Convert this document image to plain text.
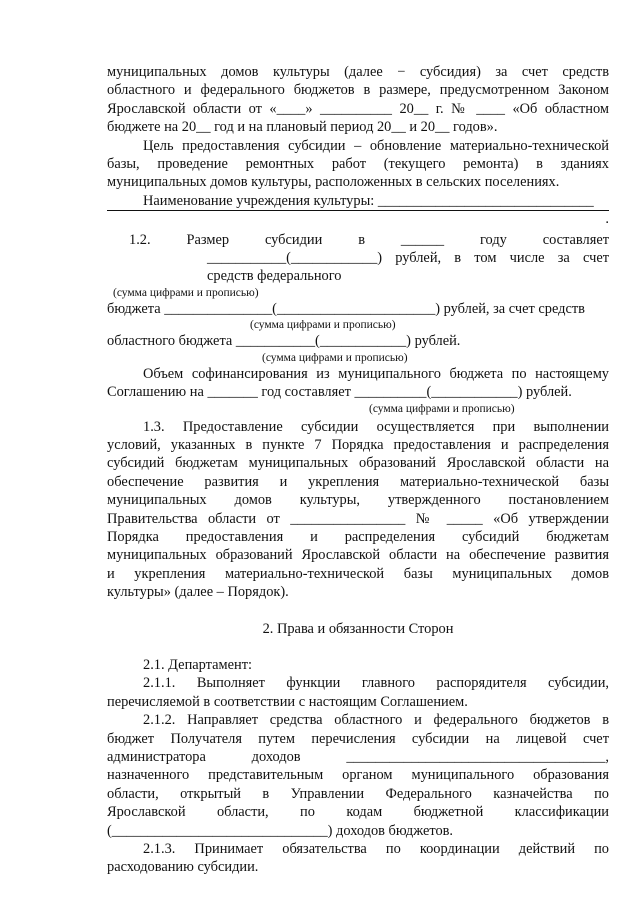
муниципальных домов культуры (далее − субсидия) за счет средств
областного и федерального бюджетов в размере, предусмотренном Законом
Ярославской области от «____» __________ 20__ г. № ____ «Об областном
бюджете на 20__ год и на плановый период 20__ и 20__ годов».
Цель предоставления субсидии – обновление материально-технической
базы, проведение ремонтных работ (текущего ремонта) в зданиях
муниципальных домов культуры, расположенных в сельских поселениях.
Наименование учреждения культуры: ______________________________
.
1.2. Размер субсидии в ______ году составляет
___________(____________) рублей, в том числе за счет
средств федерального
(сумма цифрами и прописью)
бюджета _______________(______________________) рублей, за счет средств
(сумма цифрами и прописью)
областного бюджета ___________(____________) рублей.
(сумма цифрами и прописью)
Объем софинансирования из муниципального бюджета по настоящему
Соглашению на _______ год составляет __________(____________) рублей.
(сумма цифрами и прописью)
1.3. Предоставление субсидии осуществляется при выполнении
условий, указанных в пункте 7 Порядка предоставления и распределения
субсидий бюджетам муниципальных образований Ярославской области на
обеспечение развития и укрепления материально-технической базы
муниципальных домов культуры, утвержденного постановлением
Правительства области от ________________ № _____ «Об утверждении
Порядка предоставления и распределения субсидий бюджетам
муниципальных образований Ярославской области на обеспечение развития
и укрепления материально-технической базы муниципальных домов
культуры» (далее – Порядок).
2. Права и обязанности Сторон
2.1. Департамент:
2.1.1. Выполняет функции главного распорядителя субсидии,
перечисляемой в соответствии с настоящим Соглашением.
2.1.2. Направляет средства областного и федерального бюджетов в
бюджет Получателя путем перечисления субсидии на лицевой счет
администратора доходов ____________________________________,
назначенного представительным органом муниципального образования
области, открытый в Управлении Федерального казначейства по
Ярославской области, по кодам бюджетной классификации
(______________________________) доходов бюджетов.
2.1.3. Принимает обязательства по координации действий по
расходованию субсидии.
